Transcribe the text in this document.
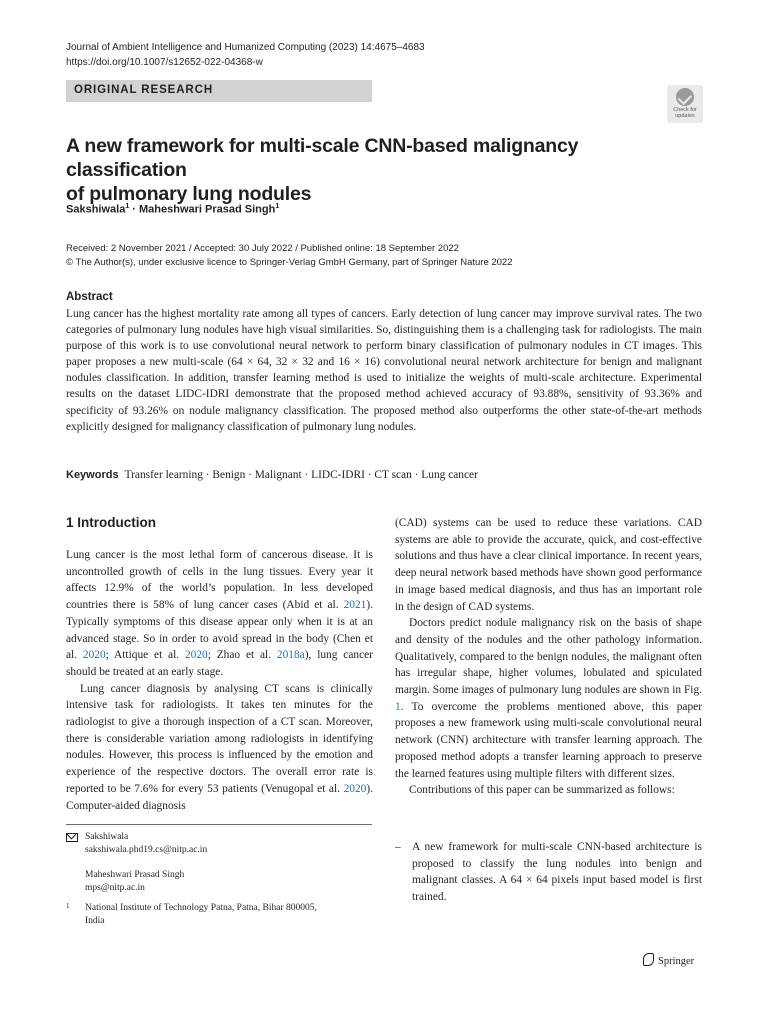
Journal of Ambient Intelligence and Humanized Computing (2023) 14:4675–4683
https://doi.org/10.1007/s12652-022-04368-w
ORIGINAL RESEARCH
Check for updates
A new framework for multi-scale CNN-based malignancy classification
of pulmonary lung nodules
Sakshiwala$^1$ · Maheshwari Prasad Singh$^1$
Received: 2 November 2021 / Accepted: 30 July 2022 / Published online: 18 September 2022
© The Author(s), under exclusive licence to Springer-Verlag GmbH Germany, part of Springer Nature 2022
Abstract
Lung cancer has the highest mortality rate among all types of cancers. Early detection of lung cancer may improve survival rates. The two categories of pulmonary lung nodules have high visual similarities. So, distinguishing them is a challenging task for radiologists. The main purpose of this work is to use convolutional neural network to perform binary classification of pulmonary nodules in CT images. This paper proposes a new multi-scale (64 × 64, 32 × 32 and 16 × 16) convolutional neural network architecture for benign and malignant nodules classification. In addition, transfer learning method is used to initialize the weights of multi-scale architecture. Experimental results on the dataset LIDC-IDRI demonstrate that the proposed method achieved accuracy of 93.88%, sensitivity of 93.36% and specificity of 93.26% on nodule malignancy classification. The proposed method also outperforms the other state-of-the-art methods explicitly designed for malignancy classification of pulmonary lung nodules.
Keywords Transfer learning · Benign · Malignant · LIDC-IDRI · CT scan · Lung cancer
1 Introduction

Lung cancer is the most lethal form of cancerous disease. It is uncontrolled growth of cells in the lung tissues. Every year it affects 12.9% of the world’s population. In less developed countries there is 58% of lung cancer cases (Abid et al. 2021). Typically symptoms of this disease appear only when it is at an advanced stage. So in order to avoid spread in the body (Chen et al. 2020; Attique et al. 2020; Zhao et al. 2018a), lung cancer should be treated at an early stage.

Lung cancer diagnosis by analysing CT scans is clinically intensive task for radiologists. It takes ten minutes for the radiologist to give a thorough inspection of a CT scan. Moreover, there is considerable variation among radiologists in identifying nodules. However, this process is influenced by the emotion and experience of the respective doctors. The overall error rate is reported to be 7.6% for every 53 patients (Venugopal et al. 2020). Computer-aided diagnosis

(CAD) systems can be used to reduce these variations. CAD systems are able to provide the accurate, quick, and cost-effective solutions and thus have a clear clinical importance. In recent years, deep neural network based methods have shown good performance in image based medical diagnosis, and thus has an important role in the design of CAD systems.

Doctors predict nodule malignancy risk on the basis of shape and density of the nodules and the other pathology information. Qualitatively, compared to the benign nodules, the malignant often has irregular shape, higher volumes, lobulated and spiculated margin. Some images of pulmonary lung nodules are shown in Fig. 1. To overcome the problems mentioned above, this paper proposes a new framework using multi-scale convolutional neural network (CNN) architecture with transfer learning approach. The proposed method adopts a transfer learning approach to preserve the learned features using multiple filters with different sizes.

Contributions of this paper can be summarized as follows:

– A new framework for multi-scale CNN-based architecture is proposed to classify the lung nodules into benign and malignant classes. A 64 × 64 pixels input based model is first trained.
Sakshiwala
sakshiwala.phd19.cs@nitp.ac.in
Maheshwari Prasad Singh
mps@nitp.ac.in
1 National Institute of Technology Patna, Patna, Bihar 800005,
India
Springer
